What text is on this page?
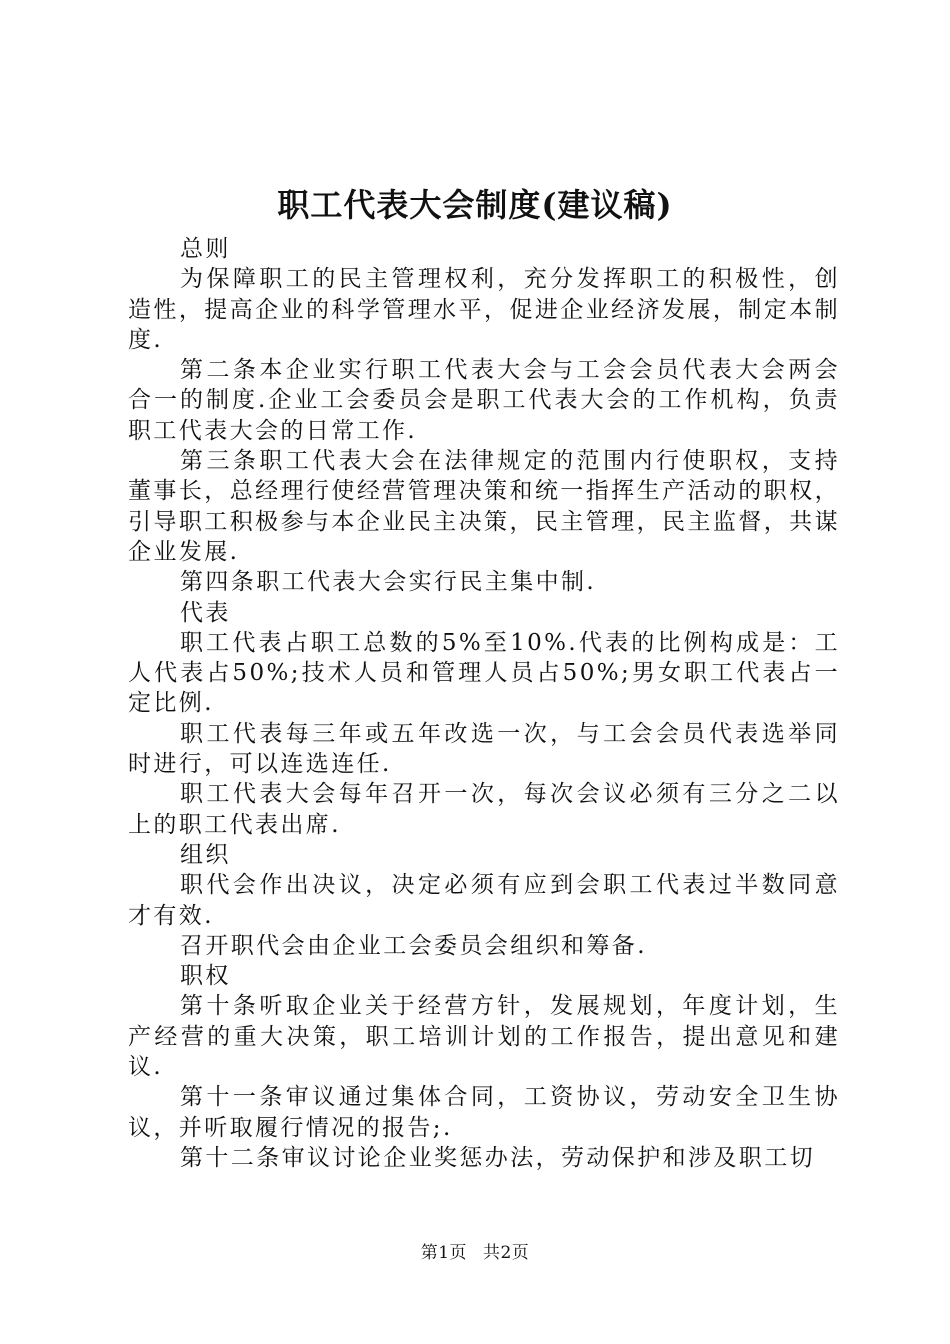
职工代表大会制度(建议稿)

总则

为保障职工的民主管理权利，充分发挥职工的积极性，创造性，提高企业的科学管理水平，促进企业经济发展，制定本制度.

第二条本企业实行职工代表大会与工会会员代表大会两会合一的制度.企业工会委员会是职工代表大会的工作机构，负责职工代表大会的日常工作.

第三条职工代表大会在法律规定的范围内行使职权，支持董事长，总经理行使经营管理决策和统一指挥生产活动的职权，引导职工积极参与本企业民主决策，民主管理，民主监督，共谋企业发展.

第四条职工代表大会实行民主集中制.

代表

职工代表占职工总数的5%至10%.代表的比例构成是：工人代表占50%;技术人员和管理人员占50%;男女职工代表占一定比例.

职工代表每三年或五年改选一次，与工会会员代表选举同时进行，可以连选连任.

职工代表大会每年召开一次，每次会议必须有三分之二以上的职工代表出席.

组织

职代会作出决议，决定必须有应到会职工代表过半数同意才有效.

召开职代会由企业工会委员会组织和筹备.

职权

第十条听取企业关于经营方针，发展规划，年度计划，生产经营的重大决策，职工培训计划的工作报告，提出意见和建议.

第十一条审议通过集体合同，工资协议，劳动安全卫生协议，并听取履行情况的报告;.

第十二条审议讨论企业奖惩办法，劳动保护和涉及职工切

第1页 共2页
